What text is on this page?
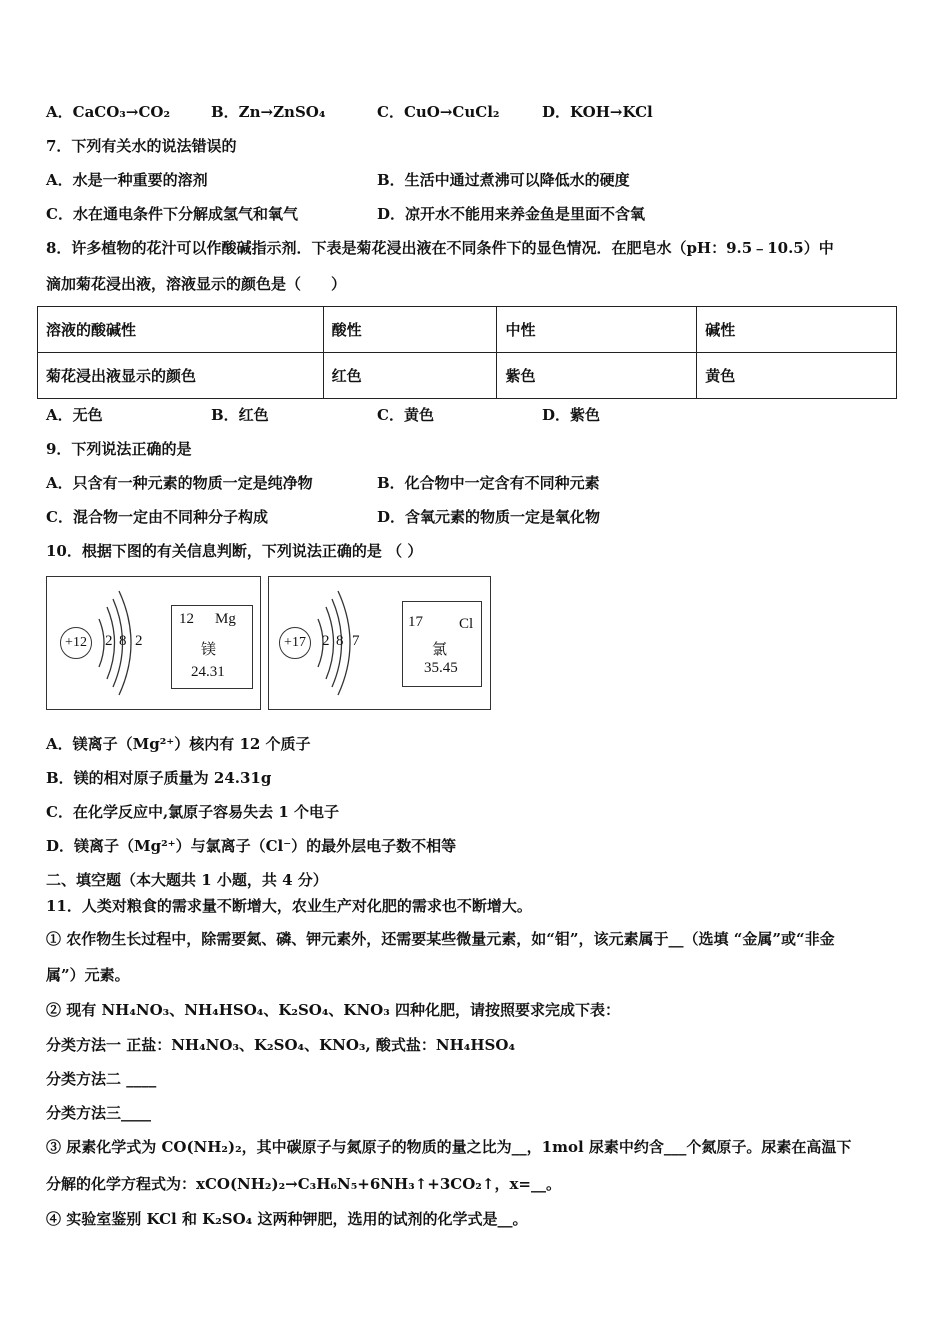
A．CaCO₃→CO₂	B．Zn→ZnSO₄	C．CuO→CuCl₂	D．KOH→KCl
7．下列有关水的说法错误的
A．水是一种重要的溶剂	B．生活中通过煮沸可以降低水的硬度
C．水在通电条件下分解成氢气和氧气	D．凉开水不能用来养金鱼是里面不含氧
8．许多植物的花汁可以作酸碱指示剂．下表是菊花浸出液在不同条件下的显色情况．在肥皂水（pH：9.5﹣10.5）中
滴加菊花浸出液，溶液显示的颜色是（　　）
溶液的酸碱性	酸性	中性	碱性
菊花浸出液显示的颜色	红色	紫色	黄色
A．无色	B．红色	C．黄色	D．紫色
9．下列说法正确的是
A．只含有一种元素的物质一定是纯净物	B．化合物中一定含有不同种元素
C．混合物一定由不同种分子构成	D．含氧元素的物质一定是氧化物
10．根据下图的有关信息判断，下列说法正确的是 （ ）
+12	2 8 2
12 Mg
镁
24.31
+17	2 8 7
17 Cl
氯
35.45
A．镁离子（Mg²⁺）核内有 12 个质子
B．镁的相对原子质量为 24.31g
C．在化学反应中,氯原子容易失去 1 个电子
D．镁离子（Mg²⁺）与氯离子（Cl⁻）的最外层电子数不相等
二、填空题（本大题共 1 小题，共 4 分）
11．人类对粮食的需求量不断增大，农业生产对化肥的需求也不断增大。
① 农作物生长过程中，除需要氮、磷、钾元素外，还需要某些微量元素，如“钼”，该元素属于__（选填 “金属”或“非金
属”）元素。
② 现有 NH₄NO₃、NH₄HSO₄、K₂SO₄、KNO₃ 四种化肥，请按照要求完成下表：
分类方法一 正盐：NH₄NO₃、K₂SO₄、KNO₃, 酸式盐：NH₄HSO₄
分类方法二 ____
分类方法三____
③ 尿素化学式为 CO(NH₂)₂，其中碳原子与氮原子的物质的量之比为__，1mol 尿素中约含___个氮原子。尿素在高温下
分解的化学方程式为：xCO(NH₂)₂→C₃H₆N₅+6NH₃↑+3CO₂↑，x=__。
④ 实验室鉴别 KCl 和 K₂SO₄ 这两种钾肥，选用的试剂的化学式是__。
